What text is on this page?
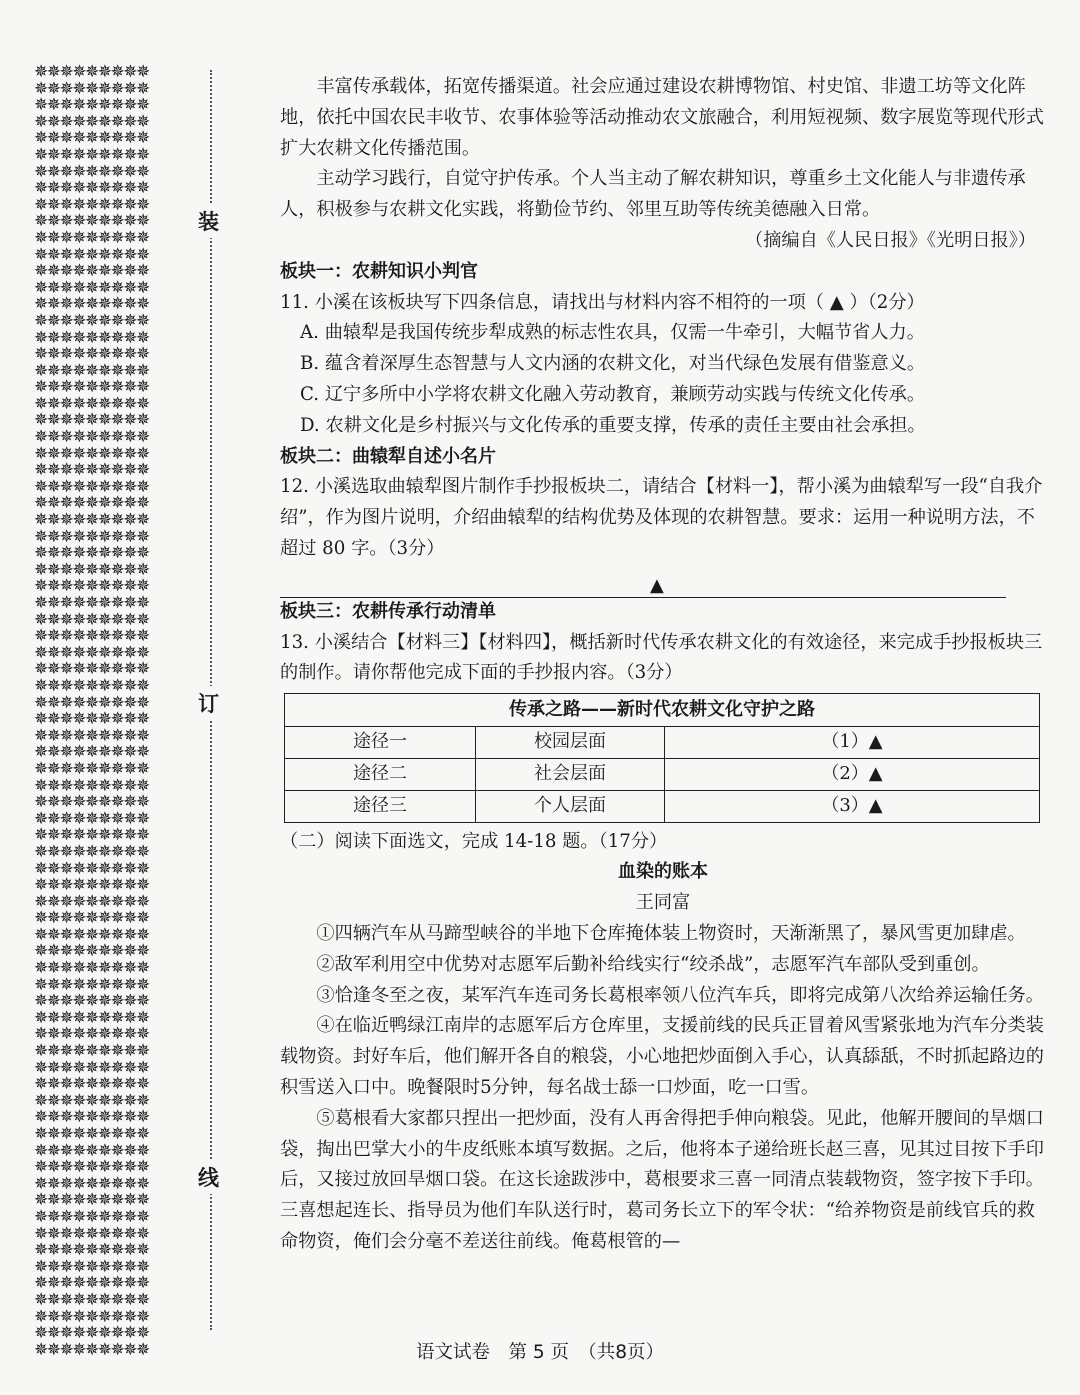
✵✵✵✵✵✵✵✵✵
✵✵✵✵✵✵✵✵✵
✵✵✵✵✵✵✵✵✵
✵✵✵✵✵✵✵✵✵
✵✵✵✵✵✵✵✵✵
✵✵✵✵✵✵✵✵✵
✵✵✵✵✵✵✵✵✵
✵✵✵✵✵✵✵✵✵
✵✵✵✵✵✵✵✵✵
✵✵✵✵✵✵✵✵✵
✵✵✵✵✵✵✵✵✵
✵✵✵✵✵✵✵✵✵
✵✵✵✵✵✵✵✵✵
✵✵✵✵✵✵✵✵✵
✵✵✵✵✵✵✵✵✵
✵✵✵✵✵✵✵✵✵
✵✵✵✵✵✵✵✵✵
✵✵✵✵✵✵✵✵✵
✵✵✵✵✵✵✵✵✵
✵✵✵✵✵✵✵✵✵
✵✵✵✵✵✵✵✵✵
✵✵✵✵✵✵✵✵✵
✵✵✵✵✵✵✵✵✵
✵✵✵✵✵✵✵✵✵
✵✵✵✵✵✵✵✵✵
✵✵✵✵✵✵✵✵✵
✵✵✵✵✵✵✵✵✵
✵✵✵✵✵✵✵✵✵
✵✵✵✵✵✵✵✵✵
✵✵✵✵✵✵✵✵✵
✵✵✵✵✵✵✵✵✵
✵✵✵✵✵✵✵✵✵
✵✵✵✵✵✵✵✵✵
✵✵✵✵✵✵✵✵✵
✵✵✵✵✵✵✵✵✵
✵✵✵✵✵✵✵✵✵
✵✵✵✵✵✵✵✵✵
✵✵✵✵✵✵✵✵✵
✵✵✵✵✵✵✵✵✵
✵✵✵✵✵✵✵✵✵
✵✵✵✵✵✵✵✵✵
✵✵✵✵✵✵✵✵✵
✵✵✵✵✵✵✵✵✵
✵✵✵✵✵✵✵✵✵
✵✵✵✵✵✵✵✵✵
✵✵✵✵✵✵✵✵✵
✵✵✵✵✵✵✵✵✵
✵✵✵✵✵✵✵✵✵
✵✵✵✵✵✵✵✵✵
✵✵✵✵✵✵✵✵✵
✵✵✵✵✵✵✵✵✵
✵✵✵✵✵✵✵✵✵
✵✵✵✵✵✵✵✵✵
✵✵✵✵✵✵✵✵✵
✵✵✵✵✵✵✵✵✵
✵✵✵✵✵✵✵✵✵
✵✵✵✵✵✵✵✵✵
✵✵✵✵✵✵✵✵✵
✵✵✵✵✵✵✵✵✵
✵✵✵✵✵✵✵✵✵
✵✵✵✵✵✵✵✵✵
✵✵✵✵✵✵✵✵✵
✵✵✵✵✵✵✵✵✵
✵✵✵✵✵✵✵✵✵
✵✵✵✵✵✵✵✵✵
✵✵✵✵✵✵✵✵✵
✵✵✵✵✵✵✵✵✵
✵✵✵✵✵✵✵✵✵
✵✵✵✵✵✵✵✵✵
✵✵✵✵✵✵✵✵✵
✵✵✵✵✵✵✵✵✵
✵✵✵✵✵✵✵✵✵
✵✵✵✵✵✵✵✵✵
✵✵✵✵✵✵✵✵✵
✵✵✵✵✵✵✵✵✵
✵✵✵✵✵✵✵✵✵
✵✵✵✵✵✵✵✵✵
✵✵✵✵✵✵✵✵✵

装
订
线

丰富传承载体，拓宽传播渠道。社会应通过建设农耕博物馆、村史馆、非遗工坊等文化阵地，依托中国农民丰收节、农事体验等活动推动农文旅融合，利用短视频、数字展览等现代形式扩大农耕文化传播范围。

主动学习践行，自觉守护传承。个人当主动了解农耕知识，尊重乡土文化能人与非遗传承人，积极参与农耕文化实践，将勤俭节约、邻里互助等传统美德融入日常。

（摘编自《人民日报》《光明日报》）

板块一：农耕知识小判官

11. 小溪在该板块写下四条信息，请找出与材料内容不相符的一项（ ▲ ）（2分）

A. 曲辕犁是我国传统步犁成熟的标志性农具，仅需一牛牵引，大幅节省人力。

B. 蕴含着深厚生态智慧与人文内涵的农耕文化，对当代绿色发展有借鉴意义。

C. 辽宁多所中小学将农耕文化融入劳动教育，兼顾劳动实践与传统文化传承。

D. 农耕文化是乡村振兴与文化传承的重要支撑，传承的责任主要由社会承担。

板块二：曲辕犁自述小名片

12. 小溪选取曲辕犁图片制作手抄报板块二，请结合【材料一】，帮小溪为曲辕犁写一段“自我介绍”，作为图片说明，介绍曲辕犁的结构优势及体现的农耕智慧。要求：运用一种说明方法，不超过 80 字。（3分）

▲

板块三：农耕传承行动清单

13. 小溪结合【材料三】【材料四】，概括新时代传承农耕文化的有效途径，来完成手抄报板块三的制作。请你帮他完成下面的手抄报内容。（3分）

传承之路——新时代农耕文化守护之路		
途径一	校园层面	（1）▲
途径二	社会层面	（2）▲
途径三	个人层面	（3）▲

（二）阅读下面选文，完成 14-18 题。（17分）

血染的账本

王同富

①四辆汽车从马蹄型峡谷的半地下仓库掩体装上物资时，天渐渐黑了，暴风雪更加肆虐。

②敌军利用空中优势对志愿军后勤补给线实行“绞杀战”，志愿军汽车部队受到重创。

③恰逢冬至之夜，某军汽车连司务长葛根率领八位汽车兵，即将完成第八次给养运输任务。

④在临近鸭绿江南岸的志愿军后方仓库里，支援前线的民兵正冒着风雪紧张地为汽车分类装载物资。封好车后，他们解开各自的粮袋，小心地把炒面倒入手心，认真舔舐，不时抓起路边的积雪送入口中。晚餐限时5分钟，每名战士舔一口炒面，吃一口雪。

⑤葛根看大家都只捏出一把炒面，没有人再舍得把手伸向粮袋。见此，他解开腰间的旱烟口袋，掏出巴掌大小的牛皮纸账本填写数据。之后，他将本子递给班长赵三喜，见其过目按下手印后，又接过放回旱烟口袋。在这长途跋涉中，葛根要求三喜一同清点装载物资，签字按下手印。三喜想起连长、指导员为他们车队送行时，葛司务长立下的军令状：“给养物资是前线官兵的救命物资，俺们会分毫不差送往前线。俺葛根管的—

语文试卷　第 5 页　（共8页）
